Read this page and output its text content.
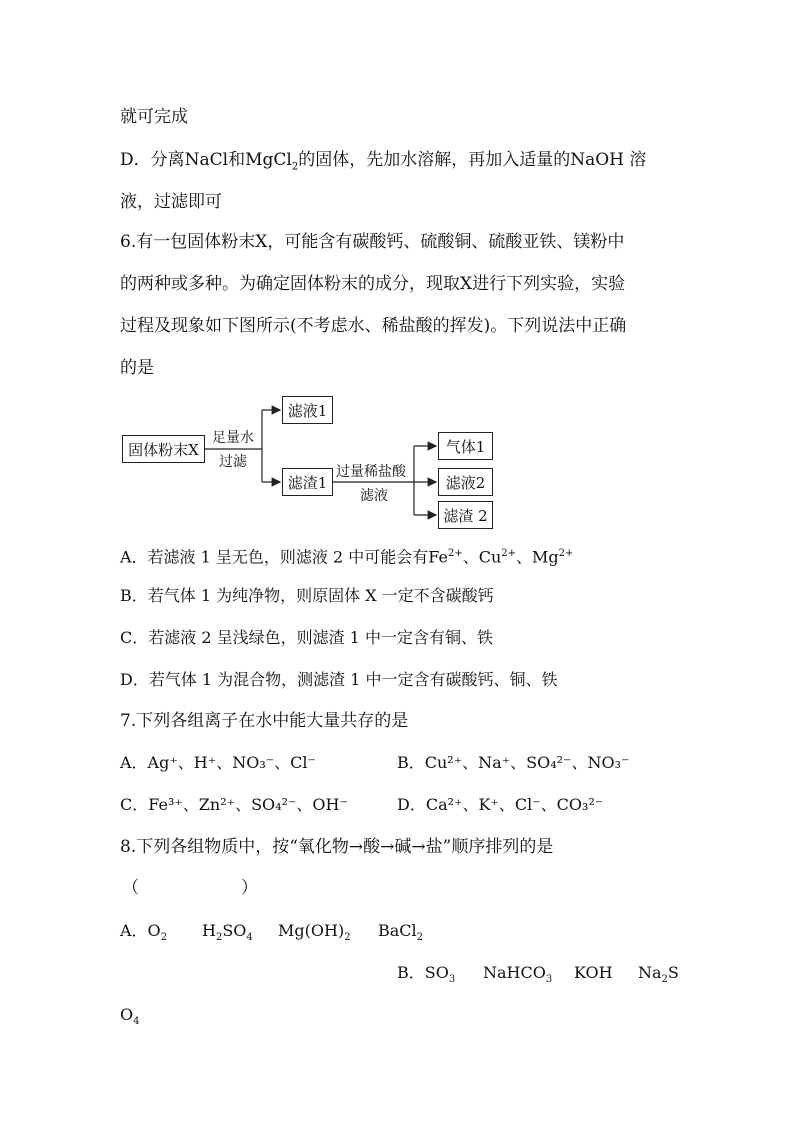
就可完成
D．分离NaCl和MgCl$_2$的固体，先加水溶解，再加入适量的NaOH 溶
液，过滤即可
6.有一包固体粉末X，可能含有碳酸钙、硫酸铜、硫酸亚铁、镁粉中
的两种或多种。为确定固体粉末的成分，现取X进行下列实验，实验
过程及现象如下图所示(不考虑水、稀盐酸的挥发)。下列说法中正确
的是
固体粉末X
足量水
过滤
滤液1
滤渣1
过量稀盐酸
滤液
气体1
滤液2
滤渣 2
A．若滤液 1 呈无色，则滤液 2 中可能会有$Fe^{2+}$、$Cu^{2+}$、$Mg^{2+}$
B．若气体 1 为纯净物，则原固体 X 一定不含碳酸钙
C．若滤液 2 呈浅绿色，则滤渣 1 中一定含有铜、铁
D．若气体 1 为混合物，测滤渣 1 中一定含有碳酸钙、铜、铁
7.下列各组离子在水中能大量共存的是
A．Ag⁺、H⁺、NO₃⁻、Cl⁻	B．Cu²⁺、Na⁺、SO₄²⁻、NO₃⁻
C．Fe³⁺、Zn²⁺、SO₄²⁻、OH⁻	D．Ca²⁺、K⁺、Cl⁻、CO₃²⁻
8.下列各组物质中，按“氧化物→酸→碱→盐”顺序排列的是
（　　　　　　）
A．$O_2$ $H_2SO_4$ $Mg(OH)_2$ BaCl$_2$
B．$SO_3$ NaHCO$_3$ KOH $Na_2S$
$O_4$
